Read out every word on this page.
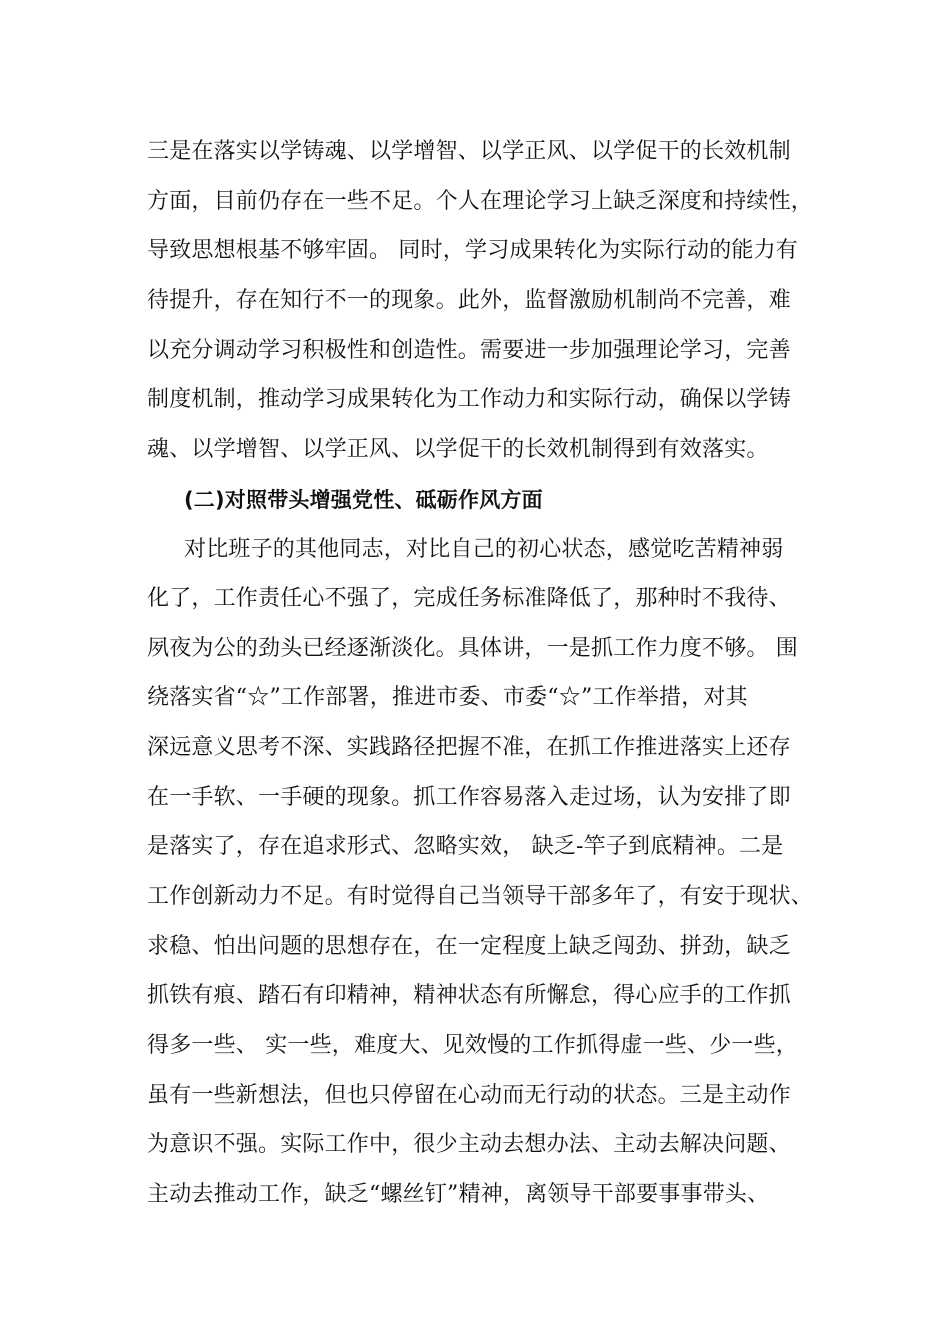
三是在落实以学铸魂、以学增智、以学正风、以学促干的长效机制
方面，目前仍存在一些不足。个人在理论学习上缺乏深度和持续性，
导致思想根基不够牢固。 同时，学习成果转化为实际行动的能力有
待提升，存在知行不一的现象。此外，监督激励机制尚不完善，难
以充分调动学习积极性和创造性。需要进一步加强理论学习，完善
制度机制，推动学习成果转化为工作动力和实际行动，确保以学铸
魂、以学增智、以学正风、以学促干的长效机制得到有效落实。
(二)对照带头增强党性、砥砺作风方面
对比班子的其他同志，对比自己的初心状态，感觉吃苦精神弱
化了，工作责任心不强了，完成任务标准降低了，那种时不我待、
夙夜为公的劲头已经逐渐淡化。具体讲，一是抓工作力度不够。 围
绕落实省“☆”工作部署，推进市委、市委“☆”工作举措，对其
深远意义思考不深、实践路径把握不准，在抓工作推进落实上还存
在一手软、一手硬的现象。抓工作容易落入走过场，认为安排了即
是落实了，存在追求形式、忽略实效， 缺乏-竿子到底精神。二是
工作创新动力不足。有时觉得自己当领导干部多年了，有安于现状、
求稳、怕出问题的思想存在，在一定程度上缺乏闯劲、拼劲，缺乏
抓铁有痕、踏石有印精神，精神状态有所懈怠，得心应手的工作抓
得多一些、 实一些，难度大、见效慢的工作抓得虚一些、少一些，
虽有一些新想法，但也只停留在心动而无行动的状态。三是主动作
为意识不强。实际工作中，很少主动去想办法、主动去解决问题、
主动去推动工作，缺乏“螺丝钉”精神，离领导干部要事事带头、
